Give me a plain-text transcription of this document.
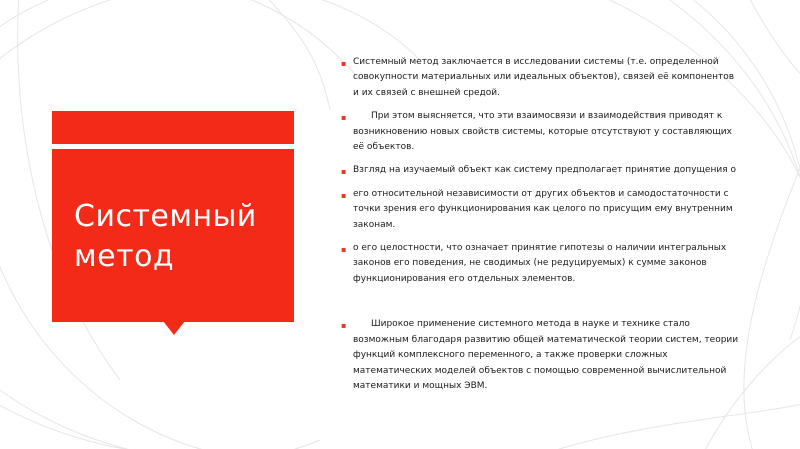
Системный метод
▪ Системный метод заключается в исследовании системы (т.е. определенной совокупности материальных или идеальных объектов), связей её компонентов и их связей с внешней средой.
▪	При этом выясняется, что эти взаимосвязи и взаимодействия приводят к возникновению новых свойств системы, которые отсутствуют у составляющих её объектов.
▪ Взгляд на изучаемый объект как систему предполагает принятие допущения о
▪ его относительной независимости от других объектов и самодостаточности с точки зрения его функционирования как целого по присущим ему внутренним законам.
▪ о его целостности, что означает принятие гипотезы о наличии интегральных законов его поведения, не сводимых (не редуцируемых) к сумме законов функционирования его отдельных элементов.
▪	Широкое применение системного метода в науке и технике стало возможным благодаря развитию общей математической теории систем, теории функций комплексного переменного, а также проверки сложных математических моделей объектов с помощью современной вычислительной математики и мощных ЭВМ.
